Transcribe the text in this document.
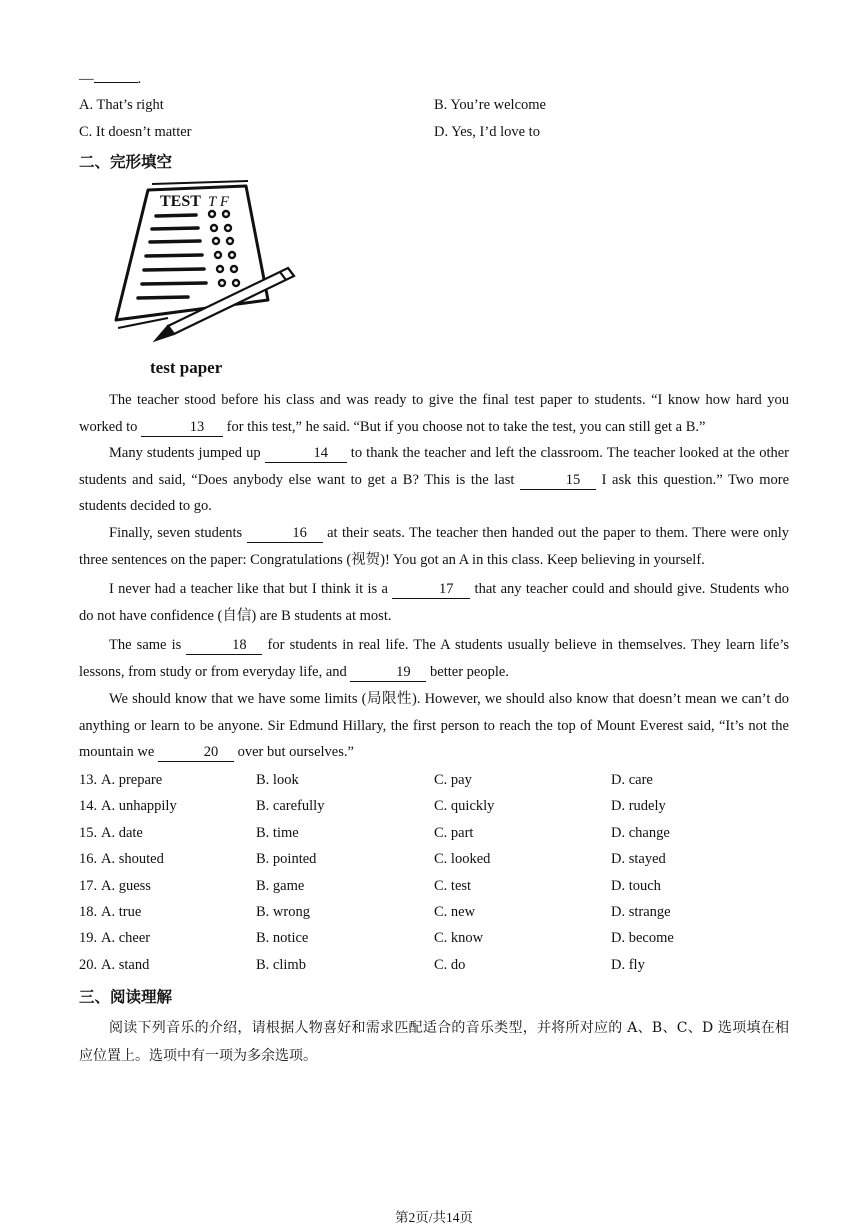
—	.
A. That’s right	B. You’re welcome
C. It doesn’t matter	D. Yes, I’d love to
二、完形填空
TEST T F
test paper
The teacher stood before his class and was ready to give the final test paper to students. “I know how hard you worked to	13 for this test,” he said. “But if you choose not to take the test, you can still get a B.”
Many students jumped up	14 to thank the teacher and left the classroom. The teacher looked at the other students and said, “Does anybody else want to get a B? This is the last	15 I ask this question.” Two more students decided to go.
Finally, seven students	16 at their seats. The teacher then handed out the paper to them. There were only three sentences on the paper: Congratulations (视贺)! You got an A in this class. Keep believing in yourself.
I never had a teacher like that but I think it is a	17 that any teacher could and should give. Students who do not have confidence (自信) are B students at most.
The same is	18 for students in real life. The A students usually believe in themselves. They learn life’s lessons, from study or from everyday life, and	19 better people.
We should know that we have some limits (局限性). However, we should also know that doesn’t mean we can’t do anything or learn to be anyone. Sir Edmund Hillary, the first person to reach the top of Mount Everest said, “It’s not the mountain we	20 over but ourselves.”
13. A. prepare	B. look	C. pay	D. care
14. A. unhappily	B. carefully	C. quickly	D. rudely
15. A. date	B. time	C. part	D. change
16. A. shouted	B. pointed	C. looked	D. stayed
17. A. guess	B. game	C. test	D. touch
18. A. true	B. wrong	C. new	D. strange
19. A. cheer	B. notice	C. know	D. become
20. A. stand	B. climb	C. do	D. fly
三、阅读理解
阅读下列音乐的介绍，请根据人物喜好和需求匹配适合的音乐类型，并将所对应的 A、B、C、D 选项填在相应位置上。选项中有一项为多余选项。
第2页/共14页
